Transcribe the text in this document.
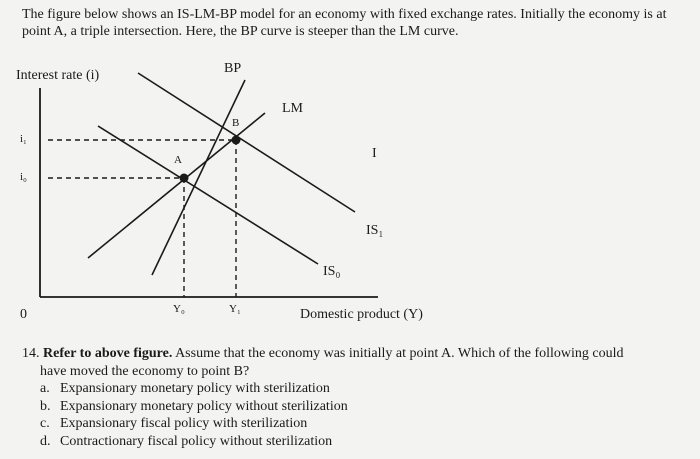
The figure below shows an IS-LM-BP model for an economy with fixed exchange rates. Initially the economy is at point A, a triple intersection. Here, the BP curve is steeper than the LM curve.

Interest rate (i)
Domestic product (Y)
0
i₁
i₀
Y₀	Y₁
BP
LM
IS₁
IS₀
A
B
I

14. Refer to above figure. Assume that the economy was initially at point A. Which of the following could

have moved the economy to point B?

a. Expansionary monetary policy with sterilization

b. Expansionary monetary policy without sterilization

c. Expansionary fiscal policy with sterilization

d. Contractionary fiscal policy without sterilization
